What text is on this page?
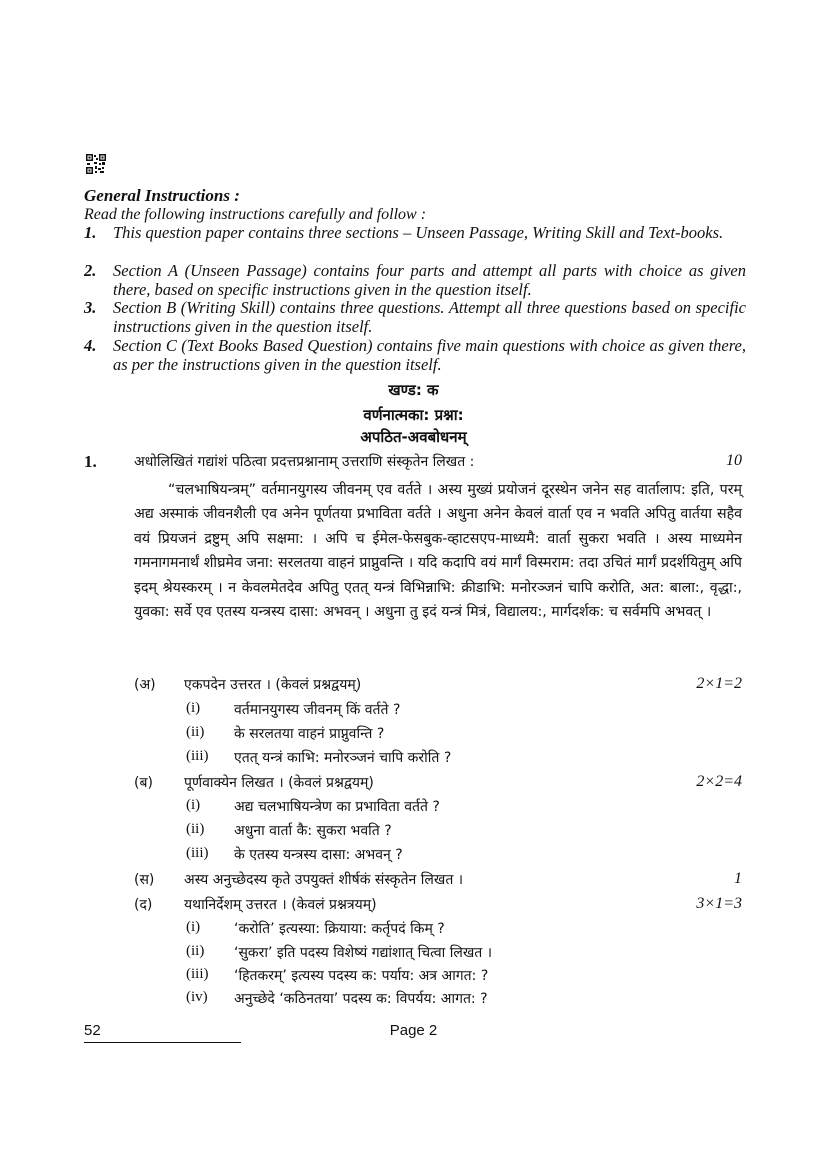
General Instructions :
Read the following instructions carefully and follow :
1. This question paper contains three sections – Unseen Passage, Writing Skill and Text-books.
2. Section A (Unseen Passage) contains four parts and attempt all parts with choice as given there, based on specific instructions given in the question itself.
3. Section B (Writing Skill) contains three questions. Attempt all three questions based on specific instructions given in the question itself.
4. Section C (Text Books Based Question) contains five main questions with choice as given there, as per the instructions given in the question itself.
खण्ड: क
वर्णनात्मका: प्रश्ना:
अपठित-अवबोधनम्
1.	अधोलिखितं गद्यांशं पठित्वा प्रदत्तप्रश्नानाम् उत्तराणि संस्कृतेन लिखत :	10

“चलभाषियन्त्रम्” वर्तमानयुगस्य जीवनम् एव वर्तते । अस्य मुख्यं प्रयोजनं दूरस्थेन जनेन सह वार्तालाप: इति, परम् अद्य अस्माकं जीवनशैली एव अनेन पूर्णतया प्रभाविता वर्तते । अधुना अनेन केवलं वार्ता एव न भवति अपितु वार्तया सहैव वयं प्रियजनं द्रष्टुम् अपि सक्षमा: । अपि च ईमेल-फेसबुक-व्हाटसएप-माध्यमै: वार्ता सुकरा भवति । अस्य माध्यमेन गमनागमनार्थं शीघ्रमेव जना: सरलतया वाहनं प्राप्नुवन्ति । यदि कदापि वयं मार्गं विस्मराम: तदा उचितं मार्गं प्रदर्शयितुम् अपि इदम् श्रेयस्करम् । न केवलमेतदेव अपितु एतत् यन्त्रं विभिन्नाभि: क्रीडाभि: मनोरञ्जनं चापि करोति, अत: बाला:, वृद्धा:, युवका: सर्वे एव एतस्य यन्त्रस्य दासा: अभवन् । अधुना तु इदं यन्त्रं मित्रं, विद्यालय:, मार्गदर्शक: च सर्वमपि अभवत् ।

(अ) एकपदेन उत्तरत । (केवलं प्रश्नद्वयम्)	2×1=2
(i) वर्तमानयुगस्य जीवनम् किं वर्तते ?
(ii) के सरलतया वाहनं प्राप्नुवन्ति ?
(iii) एतत् यन्त्रं काभि: मनोरञ्जनं चापि करोति ?
(ब) पूर्णवाक्येन लिखत । (केवलं प्रश्नद्वयम्)	2×2=4
(i) अद्य चलभाषियन्त्रेण का प्रभाविता वर्तते ?
(ii) अधुना वार्ता कै: सुकरा भवति ?
(iii) के एतस्य यन्त्रस्य दासा: अभवन् ?
(स) अस्य अनुच्छेदस्य कृते उपयुक्तं शीर्षकं संस्कृतेन लिखत ।	1
(द) यथानिर्देशम् उत्तरत । (केवलं प्रश्नत्रयम्)	3×1=3
(i) ‘करोति’ इत्यस्या: क्रियाया: कर्तृपदं किम् ?
(ii) ‘सुकरा’ इति पदस्य विशेष्यं गद्यांशात् चित्वा लिखत ।
(iii) ‘हितकरम्’ इत्यस्य पदस्य क: पर्याय: अत्र आगत: ?
(iv) अनुच्छेदे ‘कठिनतया’ पदस्य क: विपर्यय: आगत: ?
52	Page 2
